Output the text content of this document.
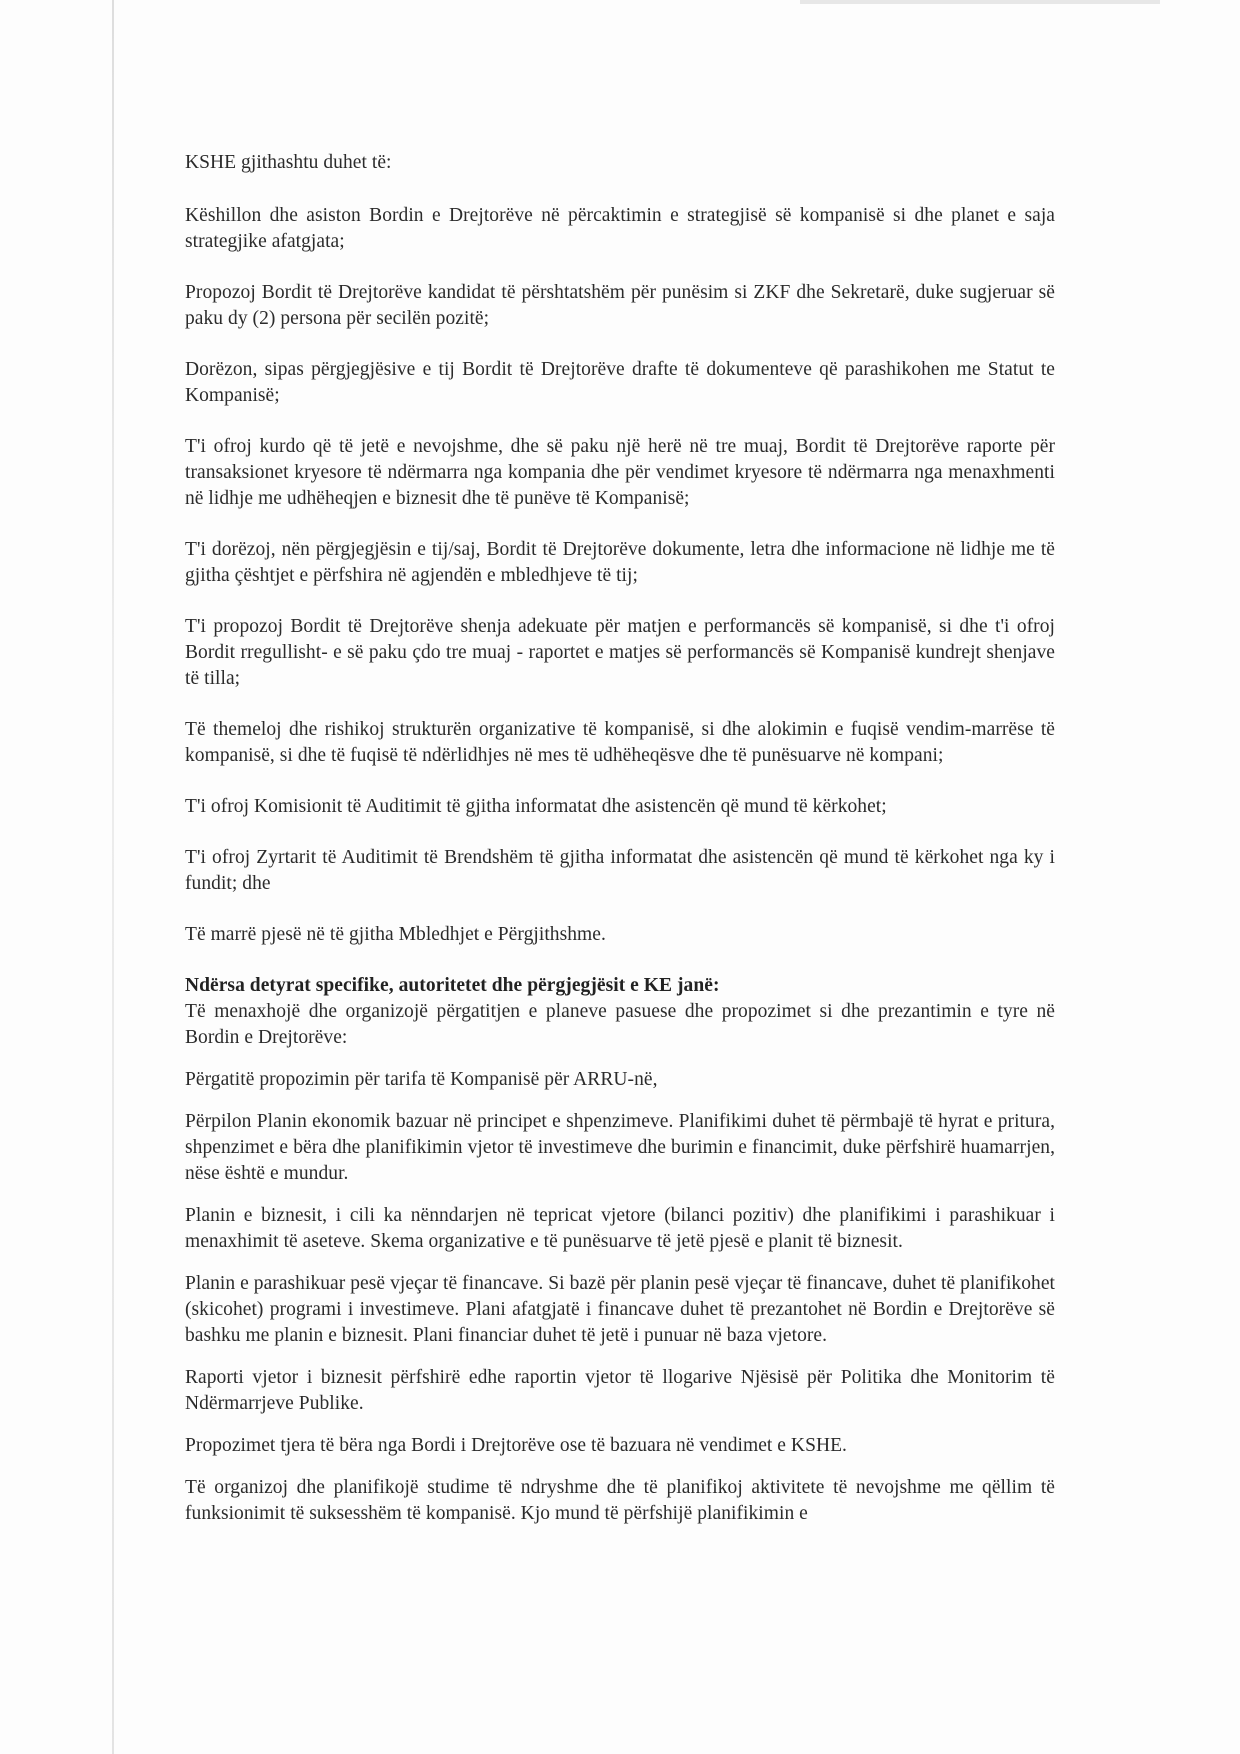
KSHE gjithashtu duhet të:

Këshillon dhe asiston Bordin e Drejtorëve në përcaktimin e strategjisë së kompanisë si dhe planet e saja strategjike afatgjata;

Propozoj Bordit të Drejtorëve kandidat të përshtatshëm për punësim si ZKF dhe Sekretarë, duke sugjeruar së paku dy (2) persona për secilën pozitë;

Dorëzon, sipas përgjegjësive e tij Bordit të Drejtorëve drafte të dokumenteve që parashikohen me Statut te Kompanisë;

T'i ofroj kurdo që të jetë e nevojshme, dhe së paku një herë në tre muaj, Bordit të Drejtorëve raporte për transaksionet kryesore të ndërmarra nga kompania dhe për vendimet kryesore të ndërmarra nga menaxhmenti në lidhje me udhëheqjen e biznesit dhe të punëve të Kompanisë;

T'i dorëzoj, nën përgjegjësin e tij/saj, Bordit të Drejtorëve dokumente, letra dhe informacione në lidhje me të gjitha çështjet e përfshira në agjendën e mbledhjeve të tij;

T'i propozoj Bordit të Drejtorëve shenja adekuate për matjen e performancës së kompanisë, si dhe t'i ofroj Bordit rregullisht- e së paku çdo tre muaj - raportet e matjes së performancës së Kompanisë kundrejt shenjave të tilla;

Të themeloj dhe rishikoj strukturën organizative të kompanisë, si dhe alokimin e fuqisë vendim-marrëse të kompanisë, si dhe të fuqisë të ndërlidhjes në mes të udhëheqësve dhe të punësuarve në kompani;

T'i ofroj Komisionit të Auditimit të gjitha informatat dhe asistencën që mund të kërkohet;

T'i ofroj Zyrtarit të Auditimit të Brendshëm të gjitha informatat dhe asistencën që mund të kërkohet nga ky i fundit; dhe

Të marrë pjesë në të gjitha Mbledhjet e Përgjithshme.

Ndërsa detyrat specifike, autoritetet dhe përgjegjësit e KE janë:

Të menaxhojë dhe organizojë përgatitjen e planeve pasuese dhe propozimet si dhe prezantimin e tyre në Bordin e Drejtorëve:

Përgatitë propozimin për tarifa të Kompanisë për ARRU-në,

Përpilon Planin ekonomik bazuar në principet e shpenzimeve. Planifikimi duhet të përmbajë të hyrat e pritura, shpenzimet e bëra dhe planifikimin vjetor të investimeve dhe burimin e financimit, duke përfshirë huamarrjen, nëse është e mundur.

Planin e biznesit, i cili ka nënndarjen në tepricat vjetore (bilanci pozitiv) dhe planifikimi i parashikuar i menaxhimit të aseteve. Skema organizative e të punësuarve të jetë pjesë e planit të biznesit.

Planin e parashikuar pesë vjeçar të financave. Si bazë për planin pesë vjeçar të financave, duhet të planifikohet (skicohet) programi i investimeve. Plani afatgjatë i financave duhet të prezantohet në Bordin e Drejtorëve së bashku me planin e biznesit. Plani financiar duhet të jetë i punuar në baza vjetore.

Raporti vjetor i biznesit përfshirë edhe raportin vjetor të llogarive Njësisë për Politika dhe Monitorim të Ndërmarrjeve Publike.

Propozimet tjera të bëra nga Bordi i Drejtorëve ose të bazuara në vendimet e KSHE.

Të organizoj dhe planifikojë studime të ndryshme dhe të planifikoj aktivitete të nevojshme me qëllim të funksionimit të suksesshëm të kompanisë. Kjo mund të përfshijë planifikimin e
